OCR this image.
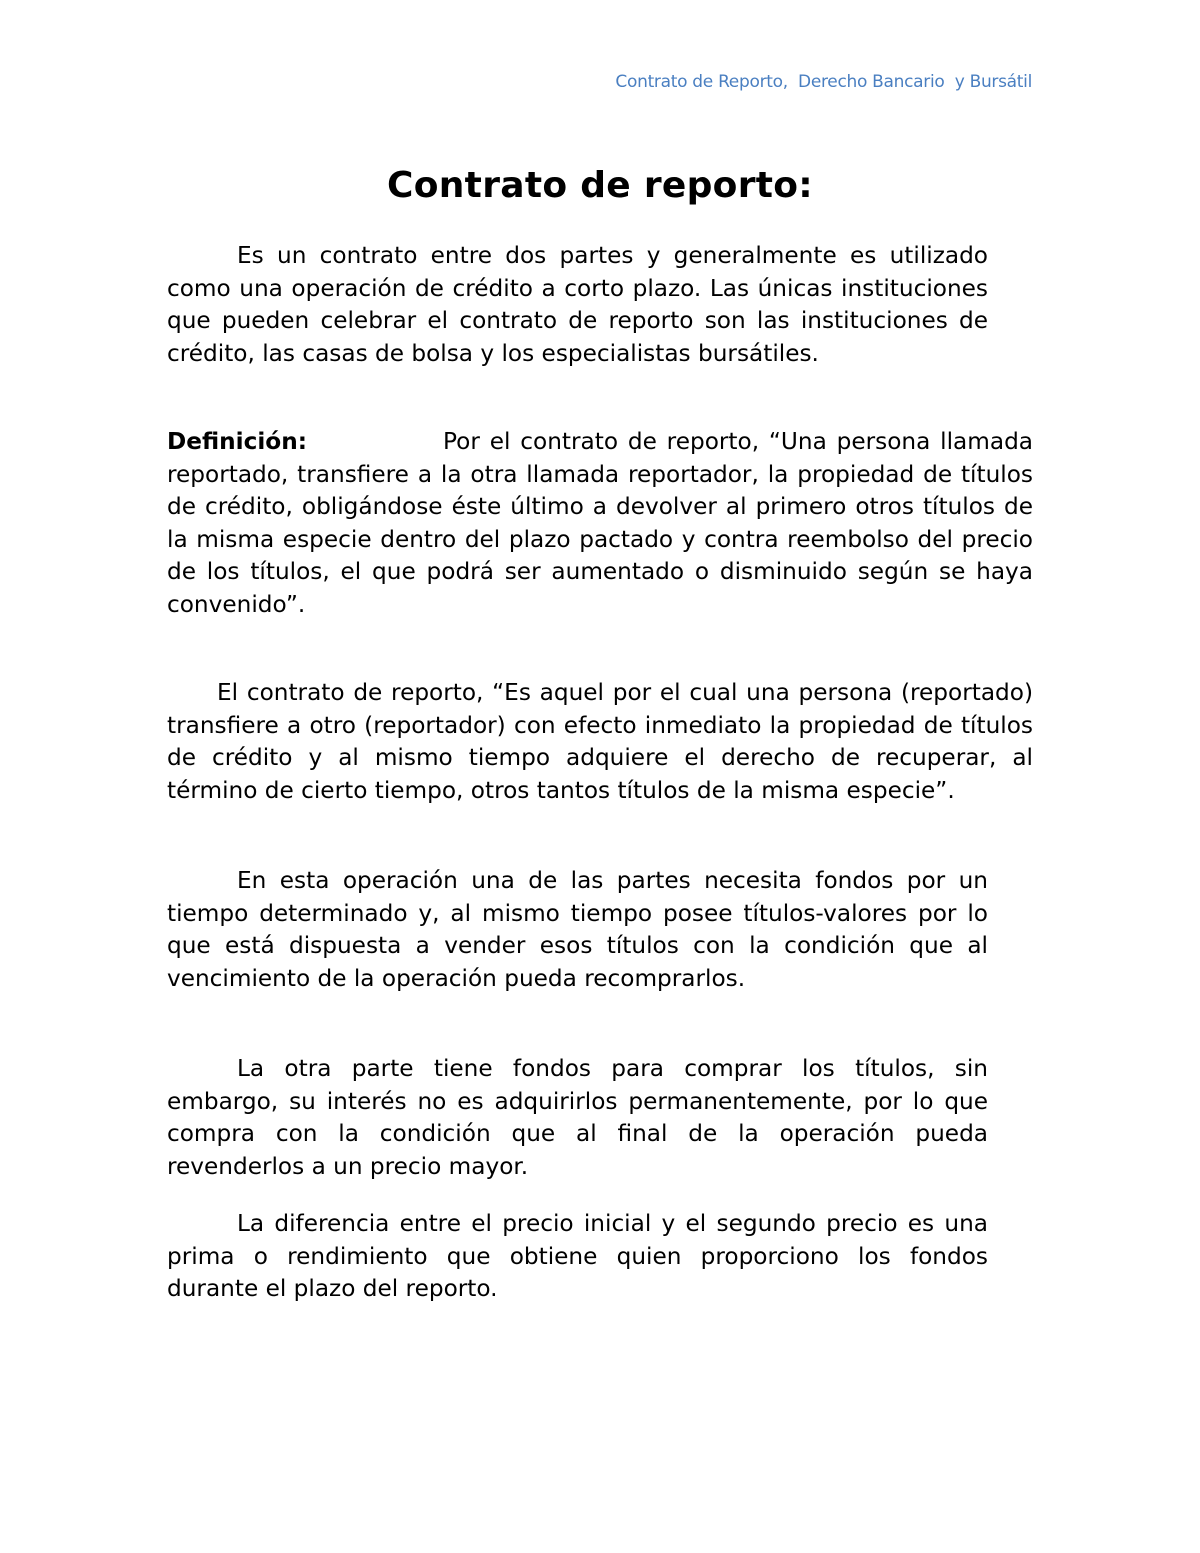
Contrato de Reporto,  Derecho Bancario  y Bursátil
Contrato de reporto:

Es un contrato entre dos partes y generalmente es utilizado como una operación de crédito a corto plazo. Las únicas instituciones que pueden celebrar el contrato de reporto son las instituciones de crédito, las casas de bolsa y los especialistas bursátiles.

Definición:	Por el contrato de reporto, “Una persona llamada reportado, transfiere a la otra llamada reportador, la propiedad de títulos de crédito, obligándose éste último a devolver al primero otros títulos de la misma especie dentro del plazo pactado y contra reembolso del precio de los títulos, el que podrá ser aumentado o disminuido según se haya convenido”.

El contrato de reporto, “Es aquel por el cual una persona (reportado) transfiere a otro (reportador) con efecto inmediato la propiedad de títulos de crédito y al mismo tiempo adquiere el derecho de recuperar, al término de cierto tiempo, otros tantos títulos de la misma especie”.

En esta operación una de las partes necesita fondos por un tiempo determinado y, al mismo tiempo posee títulos-valores por lo que está dispuesta a vender esos títulos con la condición que al vencimiento de la operación pueda recomprarlos.

La otra parte tiene fondos para comprar los títulos, sin embargo, su interés no es adquirirlos permanentemente, por lo que compra con la condición que al final de la operación pueda revenderlos a un precio mayor.

La diferencia entre el precio inicial y el segundo precio es una prima o rendimiento que obtiene quien proporciono los fondos durante el plazo del reporto.
